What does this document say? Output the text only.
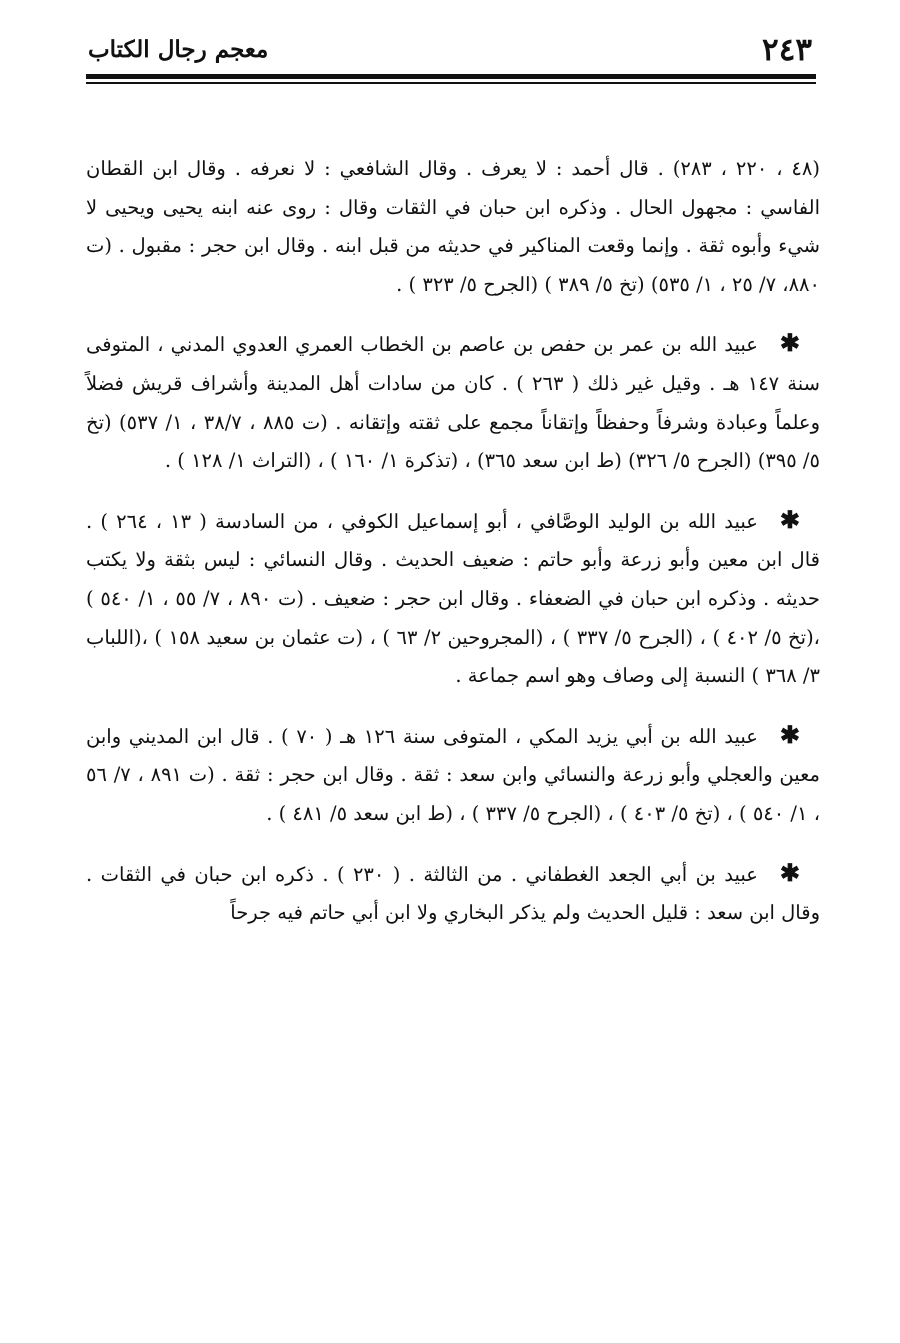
٢٤٣
معجم رجال الكتاب

(٤٨ ، ٢٢٠ ، ٢٨٣) . قال أحمد : لا يعرف . وقال الشافعي : لا نعرفه . وقال ابن القطان الفاسي : مجهول الحال . وذكره ابن حبان في الثقات وقال : روى عنه ابنه يحيى ويحيى لا شيء وأبوه ثقة . وإنما وقعت المناكير في حديثه من قبل ابنه . وقال ابن حجر : مقبول . (ت ٨٨٠، ٧/ ٢٥ ، ١/ ٥٣٥) (تخ ٥/ ٣٨٩ ) (الجرح ٥/ ٣٢٣ ) .

✱عبيد الله بن عمر بن حفص بن عاصم بن الخطاب العمري العدوي المدني ، المتوفى سنة ١٤٧ هـ . وقيل غير ذلك ( ٢٦٣ ) . كان من سادات أهل المدينة وأشراف قريش فضلاً وعلماً وعبادة وشرفاً وحفظاً وإتقاناً مجمع على ثقته وإتقانه . (ت ٨٨٥ ، ٣٨/٧ ، ١/ ٥٣٧) (تخ ٥/ ٣٩٥) (الجرح ٥/ ٣٢٦) (ط ابن سعد ٣٦٥) ، (تذكرة ١/ ١٦٠ ) ، (التراث ١/ ١٢٨ ) .

✱عبيد الله بن الوليد الوصَّافي ، أبو إسماعيل الكوفي ، من السادسة ( ١٣ ، ٢٦٤ ) . قال ابن معين وأبو زرعة وأبو حاتم : ضعيف الحديث . وقال النسائي : ليس بثقة ولا يكتب حديثه . وذكره ابن حبان في الضعفاء . وقال ابن حجر : ضعيف . (ت ٨٩٠ ، ٧/ ٥٥ ، ١/ ٥٤٠ ) ،(تخ ٥/ ٤٠٢ ) ، (الجرح ٥/ ٣٣٧ ) ، (المجروحين ٢/ ٦٣ ) ، (ت عثمان بن سعيد ١٥٨ ) ،(اللباب ٣/ ٣٦٨ ) النسبة إلى وصاف وهو اسم جماعة .

✱عبيد الله بن أبي يزيد المكي ، المتوفى سنة ١٢٦ هـ ( ٧٠ ) . قال ابن المديني وابن معين والعجلي وأبو زرعة والنسائي وابن سعد : ثقة . وقال ابن حجر : ثقة . (ت ٨٩١ ، ٧/ ٥٦ ، ١/ ٥٤٠ ) ، (تخ ٥/ ٤٠٣ ) ، (الجرح ٥/ ٣٣٧ ) ، (ط ابن سعد ٥/ ٤٨١ ) .

✱عبيد بن أبي الجعد الغطفاني . من الثالثة . ( ٢٣٠ ) . ذكره ابن حبان في الثقات . وقال ابن سعد : قليل الحديث ولم يذكر البخاري ولا ابن أبي حاتم فيه جرحاً
